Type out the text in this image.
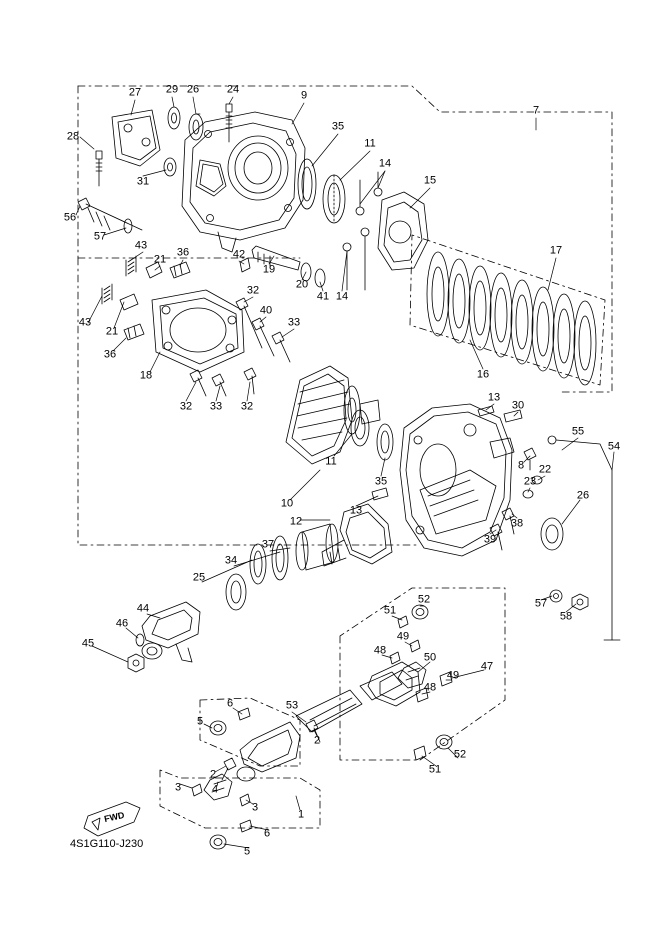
FWD
4S1G110-J230
27 29 26	24	9
7
28
35
11
14
31	15
56
57
43
21
36	42
19
20
41 14
17
32
43
21
36
40
33
18	16
32 33 32
11
13
30
55
54
8 22
23
26
35
10
13
12	38
39
37
34
25
44
46
45
51
52
49
48
50
47
49
48
57
58
6	53
5
2
52
51
2
3	4
3
1
6
5
